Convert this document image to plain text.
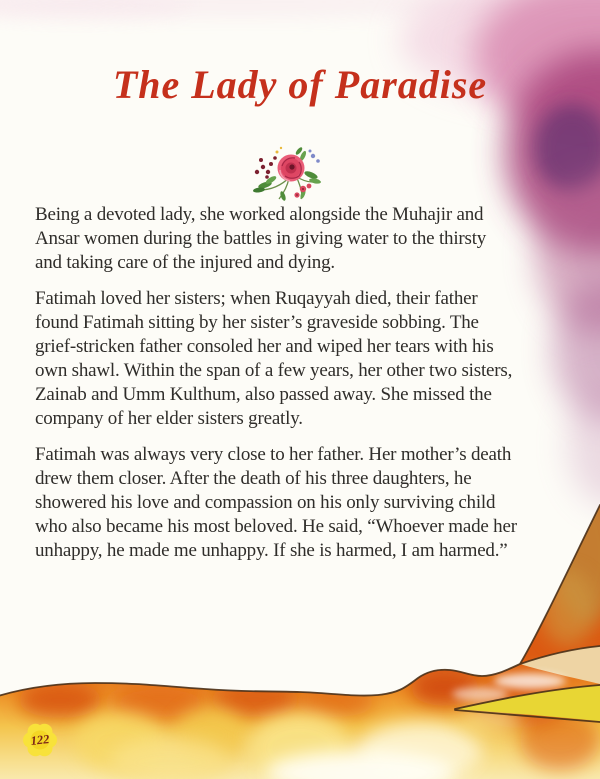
The Lady of Paradise

Being a devoted lady, she worked alongside the Muhajir and Ansar women during the battles in giving water to the thirsty and taking care of the injured and dying.

Fatimah loved her sisters; when Ruqayyah died, their father found Fatimah sitting by her sister’s graveside sobbing. The grief-stricken father consoled her and wiped her tears with his own shawl. Within the span of a few years, her other two sisters, Zainab and Umm Kulthum, also passed away. She missed the company of her elder sisters greatly.

Fatimah was always very close to her father. Her mother’s death drew them closer. After the death of his three daughters, he showered his love and compassion on his only surviving child who also became his most beloved. He said, “Whoever made her unhappy, he made me unhappy. If she is harmed, I am harmed.”

122
